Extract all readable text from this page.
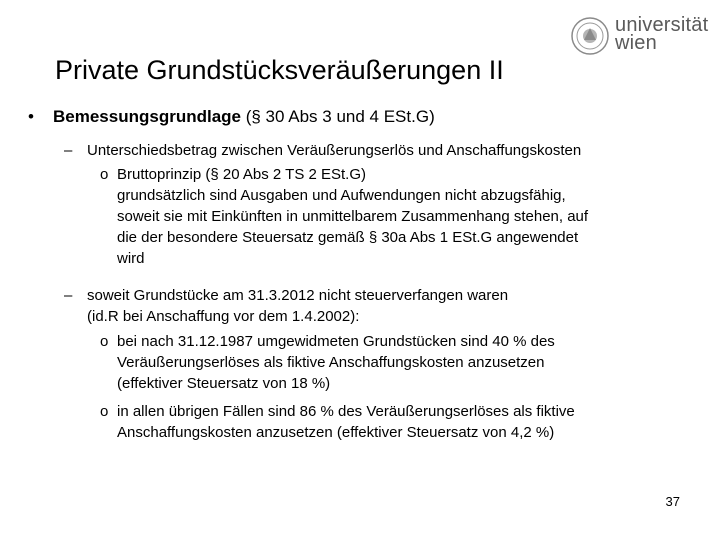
universität
wien
Private Grundstücksveräußerungen II
• Bemessungsgrundlage (§ 30 Abs 3 und 4 ESt.G)
– Unterschiedsbetrag zwischen Veräußerungserlös und Anschaffungskosten
o Bruttoprinzip (§ 20 Abs 2 TS 2 ESt.G)
grundsätzlich sind Ausgaben und Aufwendungen nicht abzugsfähig,
soweit sie mit Einkünften in unmittelbarem Zusammenhang stehen, auf
die der besondere Steuersatz gemäß § 30a Abs 1 ESt.G angewendet
wird
– soweit Grundstücke am 31.3.2012 nicht steuerverfangen waren
(id.R bei Anschaffung vor dem 1.4.2002):
o bei nach 31.12.1987 umgewidmeten Grundstücken sind 40 % des
Veräußerungserlöses als fiktive Anschaffungskosten anzusetzen
(effektiver Steuersatz von 18 %)
o in allen übrigen Fällen sind 86 % des Veräußerungserlöses als fiktive
Anschaffungskosten anzusetzen (effektiver Steuersatz von 4,2 %)
37
